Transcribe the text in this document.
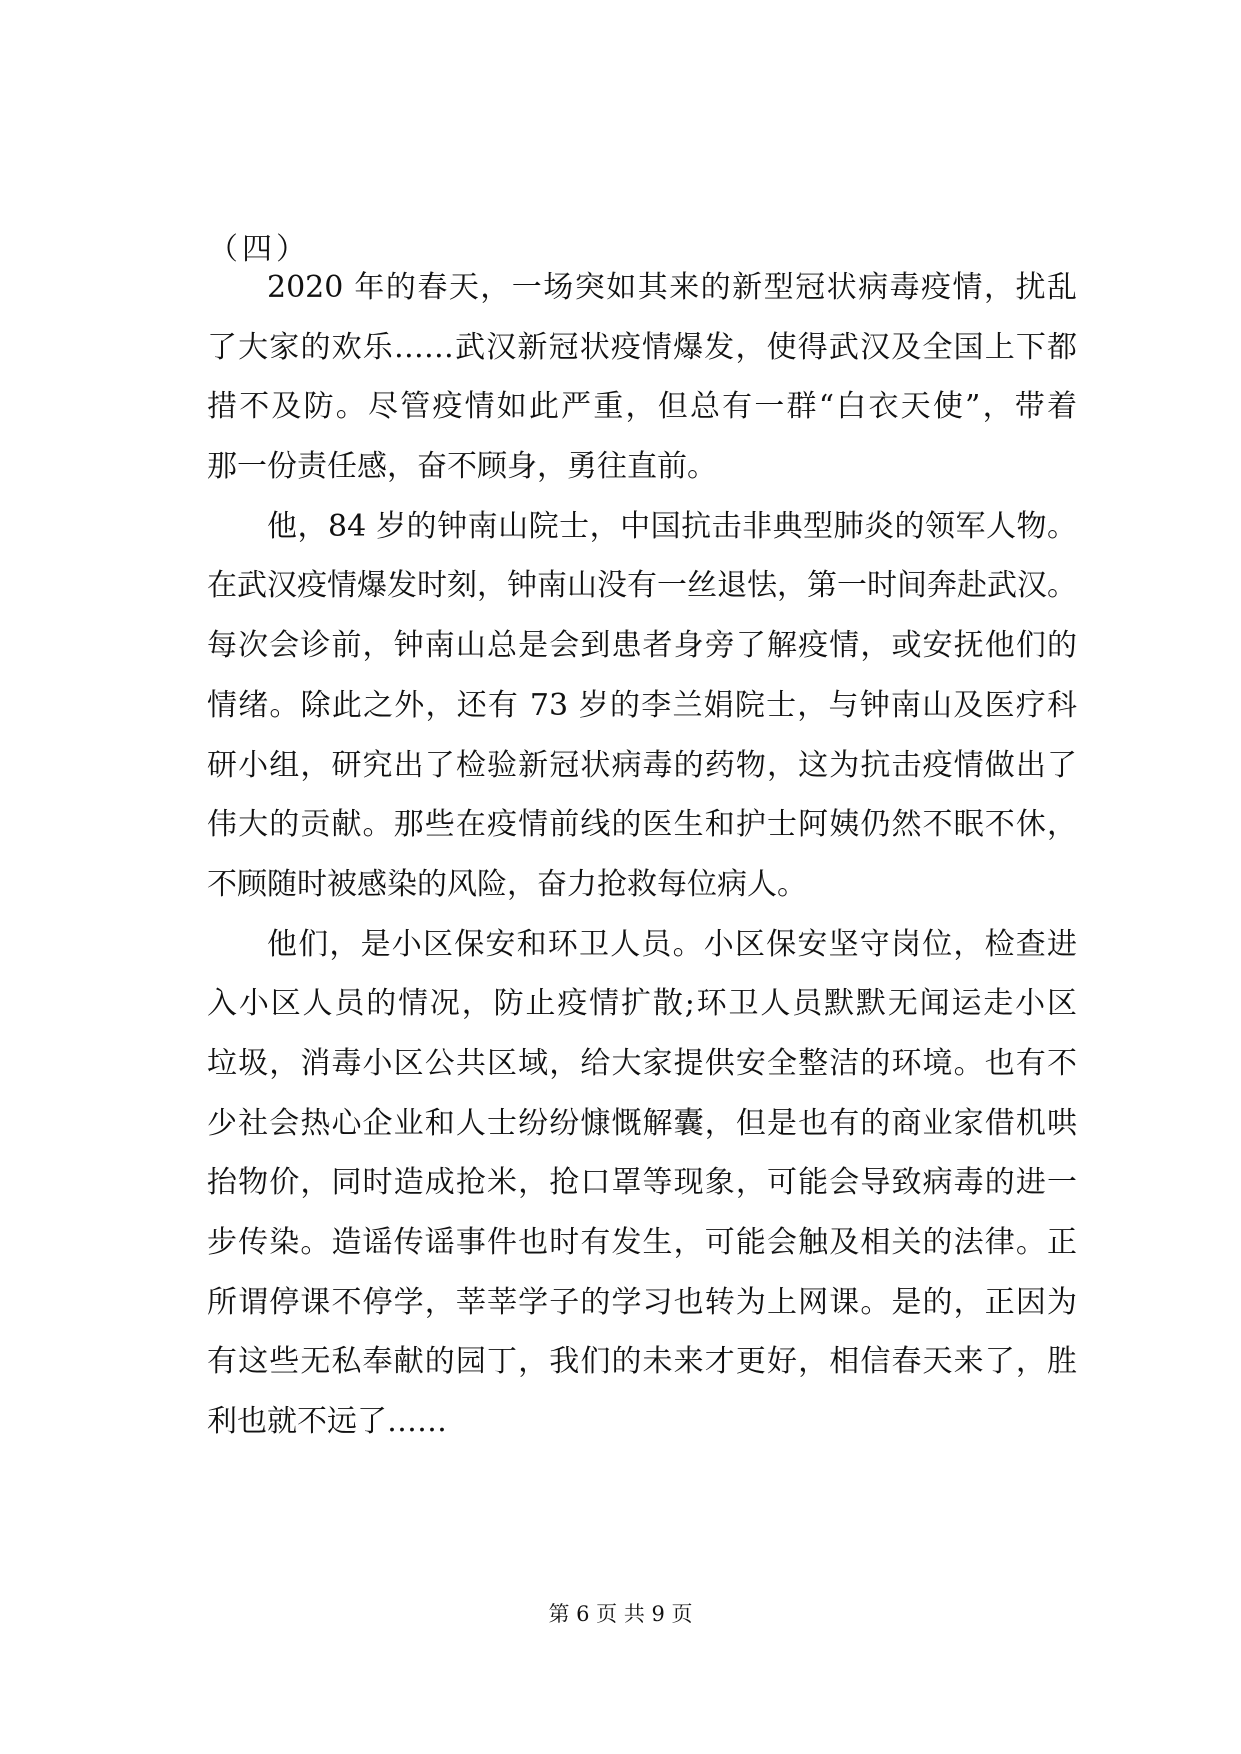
（四）
2020 年的春天，一场突如其来的新型冠状病毒疫情，扰乱
了大家的欢乐……武汉新冠状疫情爆发，使得武汉及全国上下都
措不及防。尽管疫情如此严重，但总有一群“白衣天使”，带着
那一份责任感，奋不顾身，勇往直前。
他，84 岁的钟南山院士，中国抗击非典型肺炎的领军人物。
在武汉疫情爆发时刻，钟南山没有一丝退怯，第一时间奔赴武汉。
每次会诊前，钟南山总是会到患者身旁了解疫情，或安抚他们的
情绪。除此之外，还有 73 岁的李兰娟院士，与钟南山及医疗科
研小组，研究出了检验新冠状病毒的药物，这为抗击疫情做出了
伟大的贡献。那些在疫情前线的医生和护士阿姨仍然不眠不休，
不顾随时被感染的风险，奋力抢救每位病人。
他们，是小区保安和环卫人员。小区保安坚守岗位，检查进
入小区人员的情况，防止疫情扩散;环卫人员默默无闻运走小区
垃圾，消毒小区公共区域，给大家提供安全整洁的环境。也有不
少社会热心企业和人士纷纷慷慨解囊，但是也有的商业家借机哄
抬物价，同时造成抢米，抢口罩等现象，可能会导致病毒的进一
步传染。造谣传谣事件也时有发生，可能会触及相关的法律。正
所谓停课不停学，莘莘学子的学习也转为上网课。是的，正因为
有这些无私奉献的园丁，我们的未来才更好，相信春天来了，胜
利也就不远了……
第 6 页 共 9 页
